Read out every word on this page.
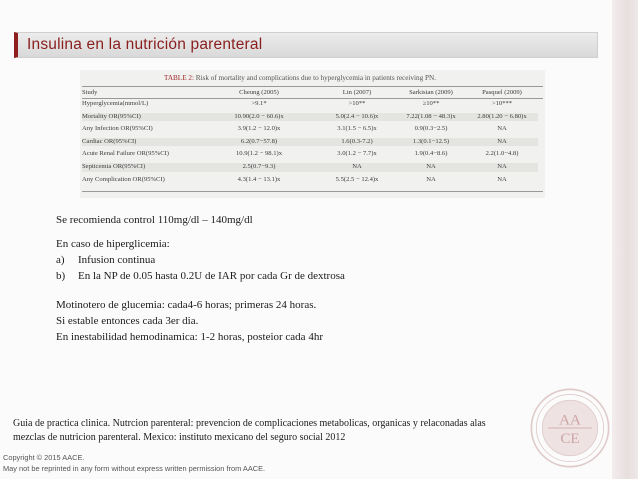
Insulina en la nutrición parenteral
TABLE 2: Risk of mortality and complications due to hyperglycemia in patients receiving PN.
Study	Cheung (2005)	Lin (2007)	Sarkisian (2009)	Pasquel (2009)
Hyperglycemia(mmol/L)	>9.1*	>10**	≥10**	>10***
Mortality OR(95%CI)	10.90(2.0 − 60.6)x	5.0(2.4 − 10.6)x	7.22(1.08 − 48.3)x	2.80(1.20 − 6.80)x
Any Infection OR(95%CI)	3.9(1.2 − 12.0)x	3.1(1.5 − 6.5)x	0.9(0.3−2.5)	NA
Cardiac OR(95%CI)	6.2(0.7−57.8)	1.6(0.3-7.2)	1.3(0.1−12.5)	NA
Acute Renal Failure OR(95%CI)	10.9(1.2 − 98.1)x	3.0(1.2 − 7.7)x	1.9(0.4−8.6)	2.2(1.0−4.8)
Septicemia OR(95%CI)	2.5(0.7−9.3)	NA	NA	NA
Any Complication OR(95%CI)	4.3(1.4 − 13.1)x	5.5(2.5 − 12.4)x	NA	NA
Se recomienda control 110mg/dl – 140mg/dl
En caso de hiperglicemia:
a) Infusion continua
b) En la NP de 0.05 hasta 0.2U de IAR por cada Gr de dextrosa
Motinotero de glucemia: cada4-6 horas; primeras 24 horas.
Si estable entonces cada 3er dia.
En inestabilidad hemodinamica: 1-2 horas, posteior cada 4hr
Guia de practica clinica. Nutrcion parenteral: prevencion de complicaciones metabolicas, organicas y relaconadas alas
mezclas de nutricion parenteral. Mexico: instituto mexicano del seguro social 2012
Copyright © 2015 AACE.
May not be reprinted in any form without express written permission from AACE.
AA
CE
